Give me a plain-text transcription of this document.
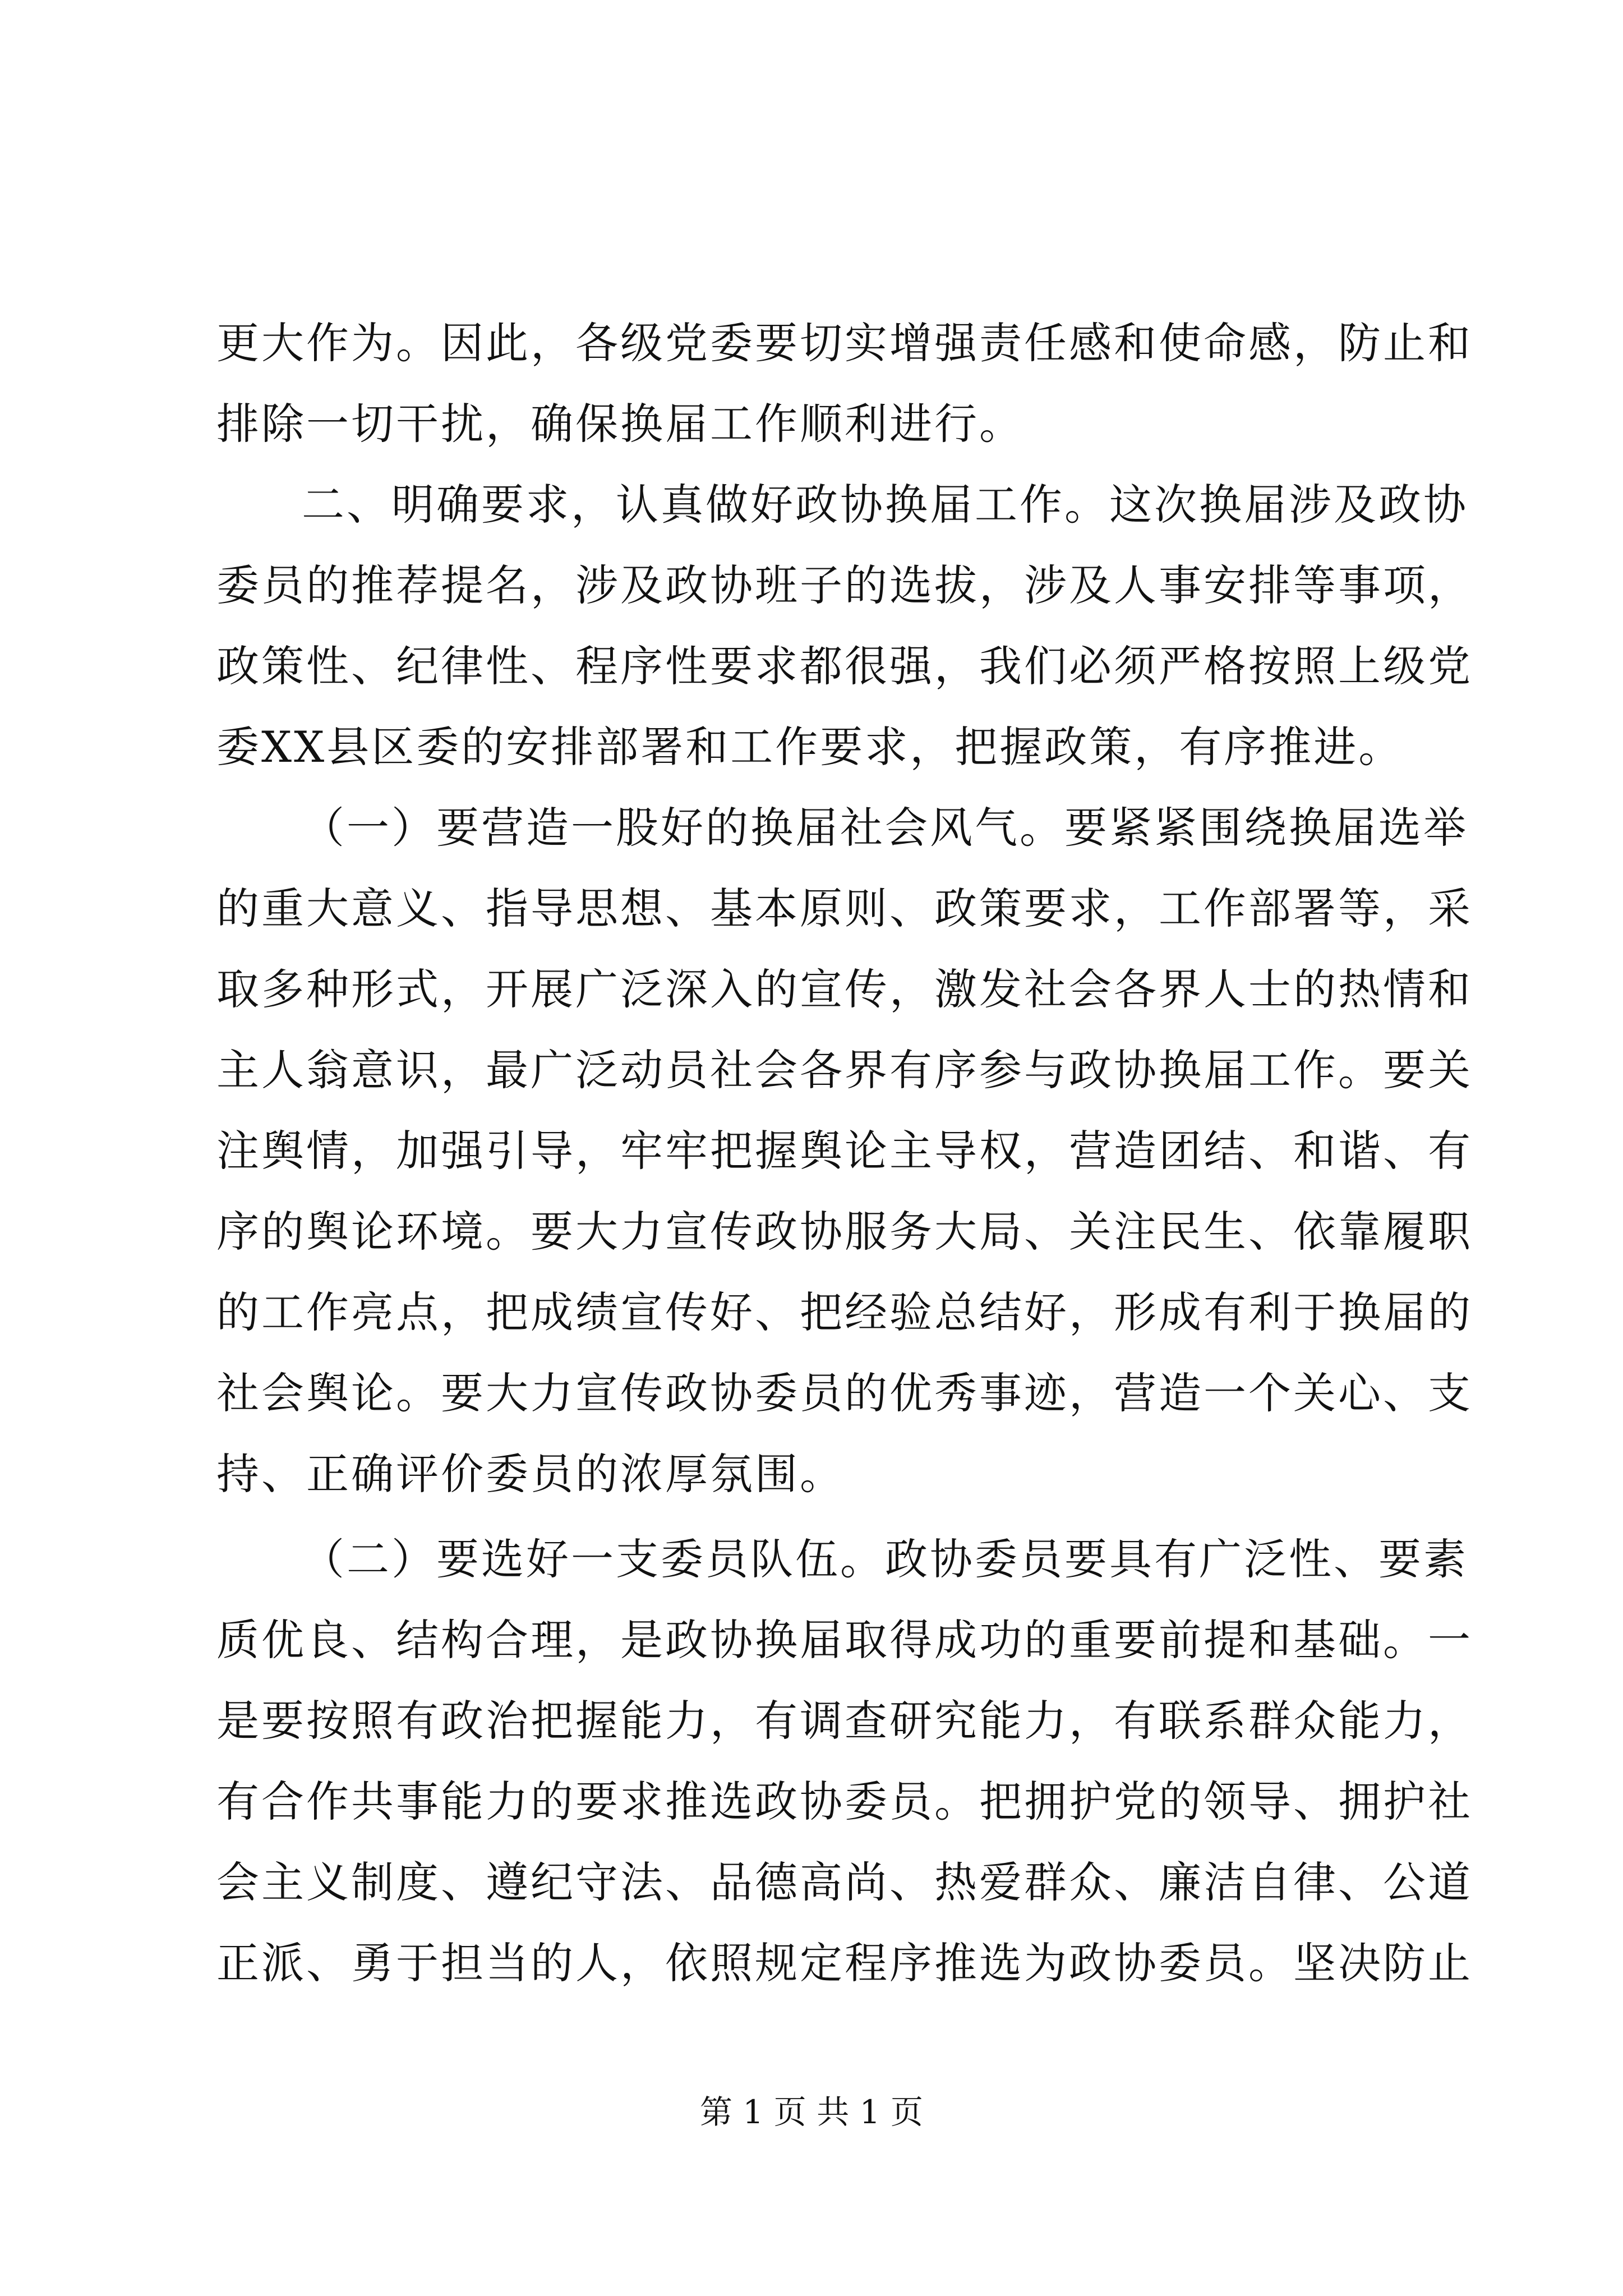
更大作为。因此，各级党委要切实增强责任感和使命感，防止和
排除一切干扰，确保换届工作顺利进行。
二、明确要求，认真做好政协换届工作。这次换届涉及政协
委员的推荐提名，涉及政协班子的选拔，涉及人事安排等事项，
政策性、纪律性、程序性要求都很强，我们必须严格按照上级党
委XX县区委的安排部署和工作要求，把握政策，有序推进。
（一）要营造一股好的换届社会风气。要紧紧围绕换届选举
的重大意义、指导思想、基本原则、政策要求，工作部署等，采
取多种形式，开展广泛深入的宣传，激发社会各界人士的热情和
主人翁意识，最广泛动员社会各界有序参与政协换届工作。要关
注舆情，加强引导，牢牢把握舆论主导权，营造团结、和谐、有
序的舆论环境。要大力宣传政协服务大局、关注民生、依靠履职
的工作亮点，把成绩宣传好、把经验总结好，形成有利于换届的
社会舆论。要大力宣传政协委员的优秀事迹，营造一个关心、支
持、正确评价委员的浓厚氛围。
（二）要选好一支委员队伍。政协委员要具有广泛性、要素
质优良、结构合理，是政协换届取得成功的重要前提和基础。一
是要按照有政治把握能力，有调查研究能力，有联系群众能力，
有合作共事能力的要求推选政协委员。把拥护党的领导、拥护社
会主义制度、遵纪守法、品德高尚、热爱群众、廉洁自律、公道
正派、勇于担当的人，依照规定程序推选为政协委员。坚决防止
第 1 页 共 1 页
